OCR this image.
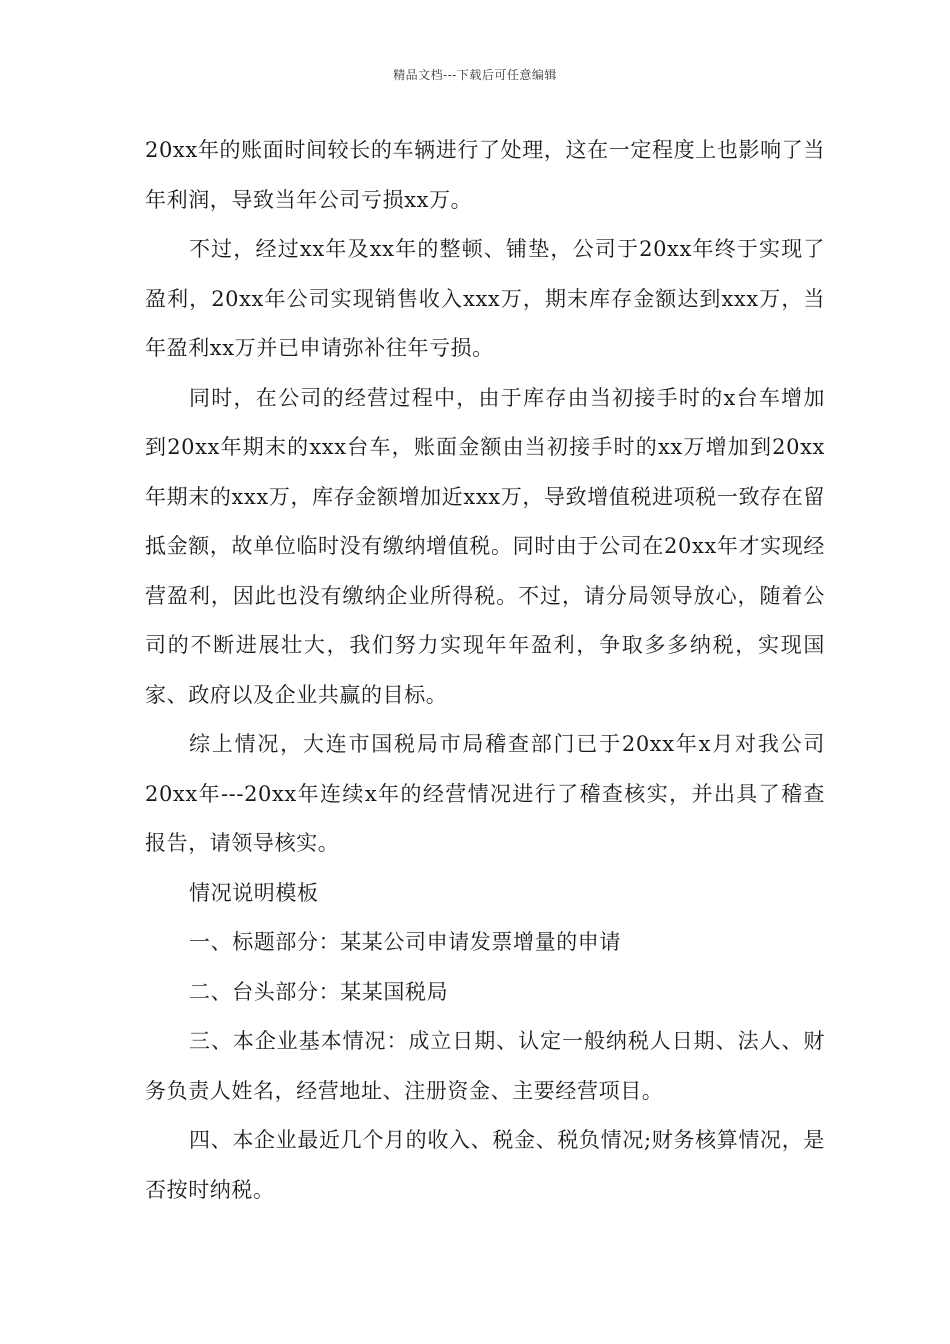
精品文档---下载后可任意编辑

20xx年的账面时间较长的车辆进行了处理，这在一定程度上也影响了当年利润，导致当年公司亏损xx万。

不过，经过xx年及xx年的整顿、铺垫，公司于20xx年终于实现了盈利，20xx年公司实现销售收入xxx万，期末库存金额达到xxx万，当年盈利xx万并已申请弥补往年亏损。

同时，在公司的经营过程中，由于库存由当初接手时的x台车增加到20xx年期末的xxx台车，账面金额由当初接手时的xx万增加到20xx年期末的xxx万，库存金额增加近xxx万，导致增值税进项税一致存在留抵金额，故单位临时没有缴纳增值税。同时由于公司在20xx年才实现经营盈利，因此也没有缴纳企业所得税。不过，请分局领导放心，随着公司的不断进展壮大，我们努力实现年年盈利，争取多多纳税，实现国家、政府以及企业共赢的目标。

综上情况，大连市国税局市局稽查部门已于20xx年x月对我公司20xx年---20xx年连续x年的经营情况进行了稽查核实，并出具了稽查报告，请领导核实。

情况说明模板

一、标题部分：某某公司申请发票增量的申请

二、台头部分：某某国税局

三、本企业基本情况：成立日期、认定一般纳税人日期、法人、财务负责人姓名，经营地址、注册资金、主要经营项目。

四、本企业最近几个月的收入、税金、税负情况;财务核算情况，是否按时纳税。
